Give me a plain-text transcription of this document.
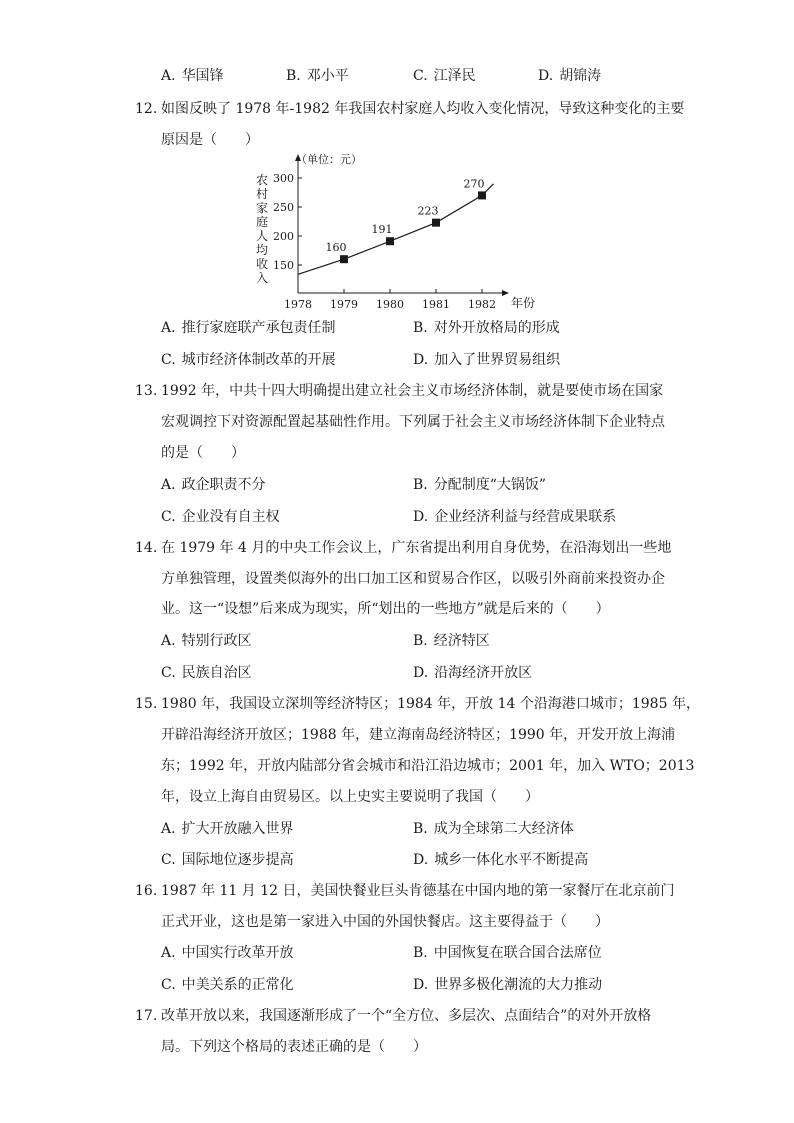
A. 华国锋	B. 邓小平	C. 江泽民	D. 胡锦涛
12. 如图反映了 1978 年-1982 年我国农村家庭人均收入变化情况，导致这种变化的主要
原因是（　　）
150
200
250
300
1978 1979 1980 1981 1982
160
191
223
270
（单位：元）
年份
农
村
家
庭
人
均
收
入
A. 推行家庭联产承包责任制	B. 对外开放格局的形成
C. 城市经济体制改革的开展	D. 加入了世界贸易组织
13. 1992 年，中共十四大明确提出建立社会主义市场经济体制，就是要使市场在国家
宏观调控下对资源配置起基础性作用。下列属于社会主义市场经济体制下企业特点
的是（　　）
A. 政企职责不分	B. 分配制度“大锅饭”
C. 企业没有自主权	D. 企业经济利益与经营成果联系
14. 在 1979 年 4 月的中央工作会议上，广东省提出利用自身优势，在沿海划出一些地
方单独管理，设置类似海外的出口加工区和贸易合作区，以吸引外商前来投资办企
业。这一“设想”后来成为现实，所“划出的一些地方”就是后来的（　　）
A. 特别行政区	B. 经济特区
C. 民族自治区	D. 沿海经济开放区
15. 1980 年，我国设立深圳等经济特区；1984 年，开放 14 个沿海港口城市；1985 年，
开辟沿海经济开放区；1988 年，建立海南岛经济特区；1990 年，开发开放上海浦
东；1992 年，开放内陆部分省会城市和沿江沿边城市；2001 年，加入 WTO；2013
年，设立上海自由贸易区。以上史实主要说明了我国（　　）
A. 扩大开放融入世界	B. 成为全球第二大经济体
C. 国际地位逐步提高	D. 城乡一体化水平不断提高
16. 1987 年 11 月 12 日，美国快餐业巨头肯德基在中国内地的第一家餐厅在北京前门
正式开业，这也是第一家进入中国的外国快餐店。这主要得益于（　　）
A. 中国实行改革开放	B. 中国恢复在联合国合法席位
C. 中美关系的正常化	D. 世界多极化潮流的大力推动
17. 改革开放以来，我国逐渐形成了一个“全方位、多层次、点面结合”的对外开放格
局。下列这个格局的表述正确的是（　　）
